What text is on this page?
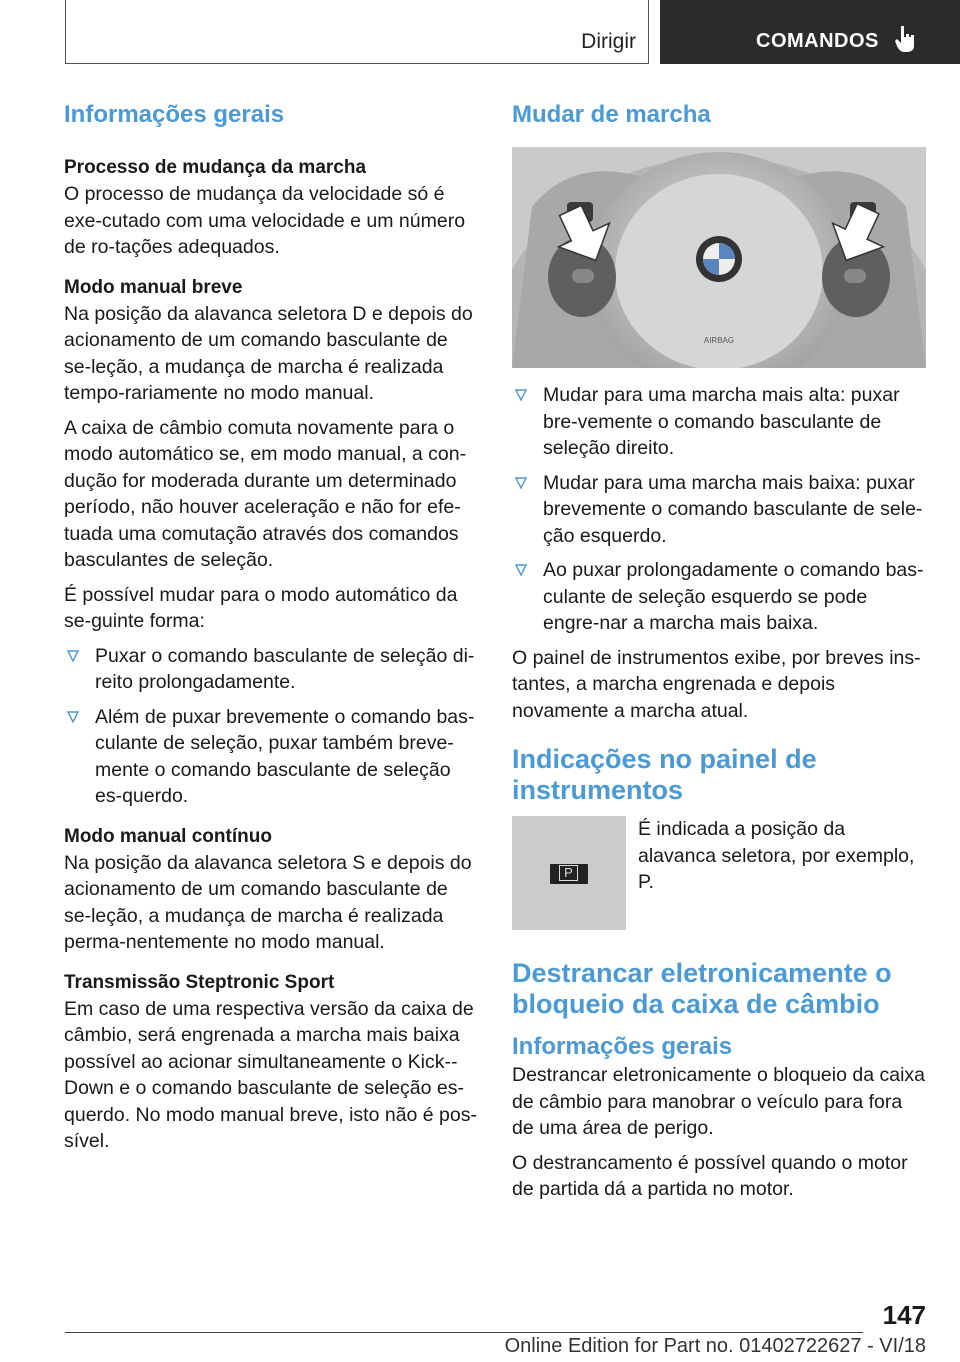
Dirigir	COMANDOS
Informações gerais
Processo de mudança da marcha

O processo de mudança da velocidade só é exe-cutado com uma velocidade e um número de ro-tações adequados.

Modo manual breve

Na posição da alavanca seletora D e depois do acionamento de um comando basculante de se-leção, a mudança de marcha é realizada tempo-rariamente no modo manual.

A caixa de câmbio comuta novamente para o modo automático se, em modo manual, a con-dução for moderada durante um determinado período, não houver aceleração e não for efe-tuada uma comutação através dos comandos basculantes de seleção.

É possível mudar para o modo automático da se-guinte forma:

Puxar o comando basculante de seleção di-reito prolongadamente.
Além de puxar brevemente o comando bas-culante de seleção, puxar também breve-mente o comando basculante de seleção es-querdo.
Modo manual contínuo

Na posição da alavanca seletora S e depois do acionamento de um comando basculante de se-leção, a mudança de marcha é realizada perma-nentemente no modo manual.

Transmissão Steptronic Sport

Em caso de uma respectiva versão da caixa de câmbio, será engrenada a marcha mais baixa possível ao acionar simultaneamente o Kick--Down e o comando basculante de seleção es-querdo. No modo manual breve, isto não é pos-sível.

Mudar de marcha
AIRBAG
Mudar para uma marcha mais alta: puxar bre-vemente o comando basculante de seleção direito.
Mudar para uma marcha mais baixa: puxar brevemente o comando basculante de sele-ção esquerdo.
Ao puxar prolongadamente o comando bas-culante de seleção esquerdo se pode engre-nar a marcha mais baixa.

O painel de instrumentos exibe, por breves ins-tantes, a marcha engrenada e depois novamente a marcha atual.

Indicações no painel de instrumentos
P
É indicada a posição da alavanca seletora, por exemplo, P.
Destrancar eletronicamente o bloqueio da caixa de câmbio
Informações gerais

Destrancar eletronicamente o bloqueio da caixa de câmbio para manobrar o veículo para fora de uma área de perigo.

O destrancamento é possível quando o motor de partida dá a partida no motor.

147
Online Edition for Part no. 01402722627 - VI/18
